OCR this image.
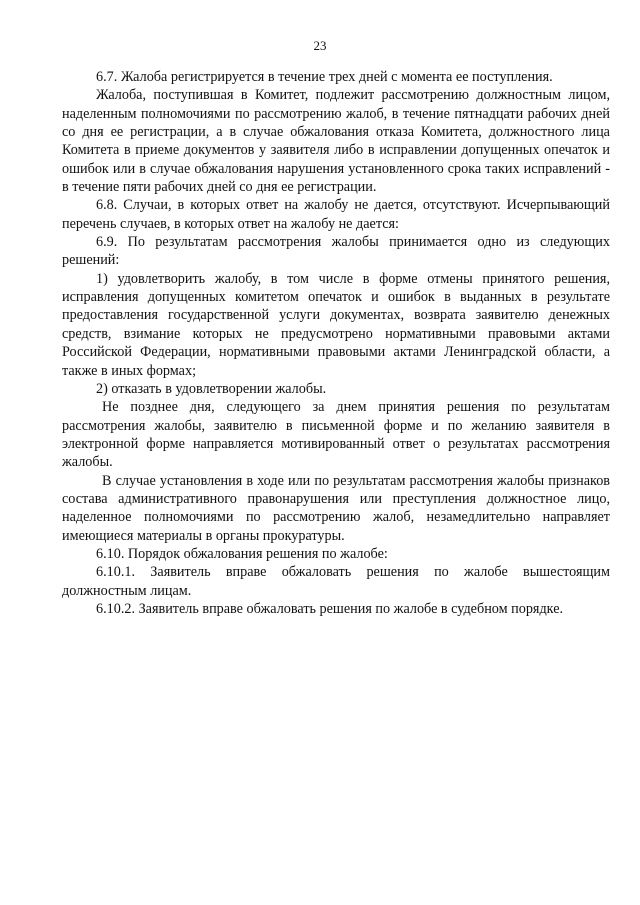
23

6.7. Жалоба регистрируется в течение трех дней с момента ее поступления.

Жалоба, поступившая в Комитет, подлежит рассмотрению должностным лицом, наделенным полномочиями по рассмотрению жалоб, в течение пятнадцати рабочих дней со дня ее регистрации, а в случае обжалования отказа Комитета, должностного лица Комитета в приеме документов у заявителя либо в исправлении допущенных опечаток и ошибок или в случае обжалования нарушения установленного срока таких исправлений - в течение пяти рабочих дней со дня ее регистрации.

6.8. Случаи, в которых ответ на жалобу не дается, отсутствуют. Исчерпывающий перечень случаев, в которых ответ на жалобу не дается:

6.9. По результатам рассмотрения жалобы принимается одно из следующих решений:

1) удовлетворить жалобу, в том числе в форме отмены принятого решения, исправления допущенных комитетом опечаток и ошибок в выданных в результате предоставления государственной услуги документах, возврата заявителю денежных средств, взимание которых не предусмотрено нормативными правовыми актами Российской Федерации, нормативными правовыми актами Ленинградской области, а также в иных формах;

2) отказать в удовлетворении жалобы.

Не позднее дня, следующего за днем принятия решения по результатам рассмотрения жалобы, заявителю в письменной форме и по желанию заявителя в электронной форме направляется мотивированный ответ о результатах рассмотрения жалобы.

В случае установления в ходе или по результатам рассмотрения жалобы признаков состава административного правонарушения или преступления должностное лицо, наделенное полномочиями по рассмотрению жалоб, незамедлительно направляет имеющиеся материалы в органы прокуратуры.

6.10. Порядок обжалования решения по жалобе:

6.10.1. Заявитель вправе обжаловать решения по жалобе вышестоящим должностным лицам.

6.10.2. Заявитель вправе обжаловать решения по жалобе в судебном порядке.
